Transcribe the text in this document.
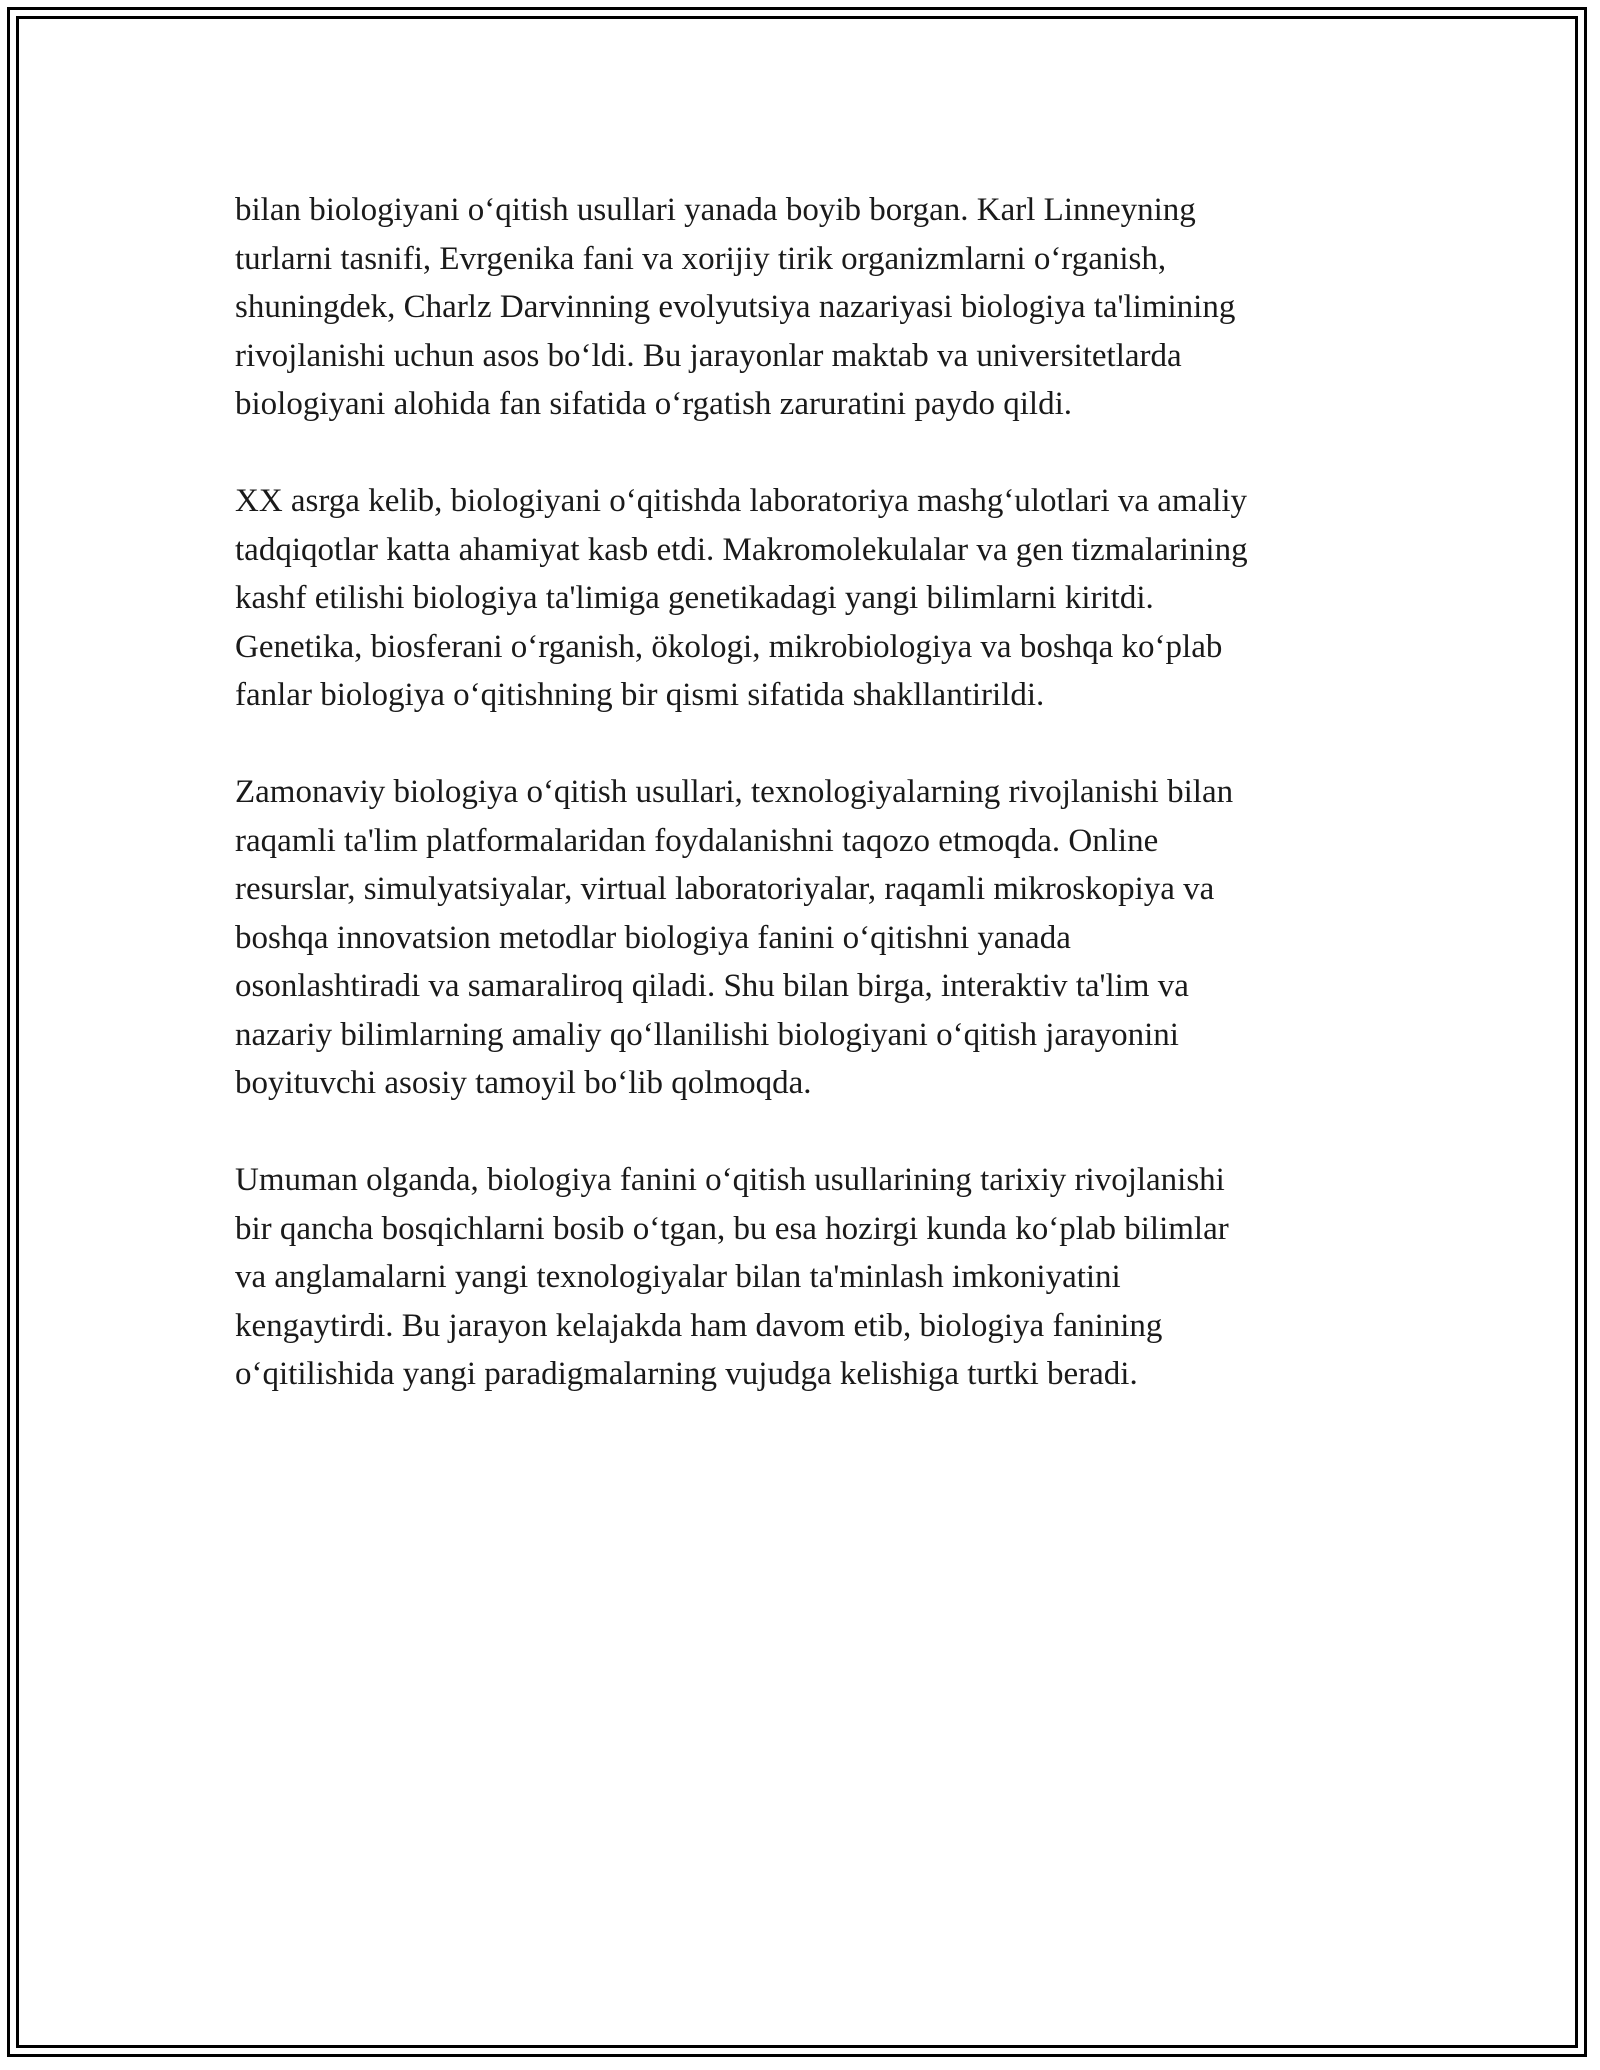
bilan biologiyani o‘qitish usullari yanada boyib borgan. Karl Linneyning
turlarni tasnifi, Evrgenika fani va xorijiy tirik organizmlarni o‘rganish,
shuningdek, Charlz Darvinning evolyutsiya nazariyasi biologiya ta'limining
rivojlanishi uchun asos bo‘ldi. Bu jarayonlar maktab va universitetlarda
biologiyani alohida fan sifatida o‘rgatish zaruratini paydo qildi.

XX asrga kelib, biologiyani o‘qitishda laboratoriya mashg‘ulotlari va amaliy
tadqiqotlar katta ahamiyat kasb etdi. Makromolekulalar va gen tizmalarining
kashf etilishi biologiya ta'limiga genetikadagi yangi bilimlarni kiritdi.
Genetika, biosferani o‘rganish, ökologi, mikrobiologiya va boshqa ko‘plab
fanlar biologiya o‘qitishning bir qismi sifatida shakllantirildi.

Zamonaviy biologiya o‘qitish usullari, texnologiyalarning rivojlanishi bilan
raqamli ta'lim platformalaridan foydalanishni taqozo etmoqda. Online
resurslar, simulyatsiyalar, virtual laboratoriyalar, raqamli mikroskopiya va
boshqa innovatsion metodlar biologiya fanini o‘qitishni yanada
osonlashtiradi va samaraliroq qiladi. Shu bilan birga, interaktiv ta'lim va
nazariy bilimlarning amaliy qo‘llanilishi biologiyani o‘qitish jarayonini
boyituvchi asosiy tamoyil bo‘lib qolmoqda.

Umuman olganda, biologiya fanini o‘qitish usullarining tarixiy rivojlanishi
bir qancha bosqichlarni bosib o‘tgan, bu esa hozirgi kunda ko‘plab bilimlar
va anglamalarni yangi texnologiyalar bilan ta'minlash imkoniyatini
kengaytirdi. Bu jarayon kelajakda ham davom etib, biologiya fanining
o‘qitilishida yangi paradigmalarning vujudga kelishiga turtki beradi.
